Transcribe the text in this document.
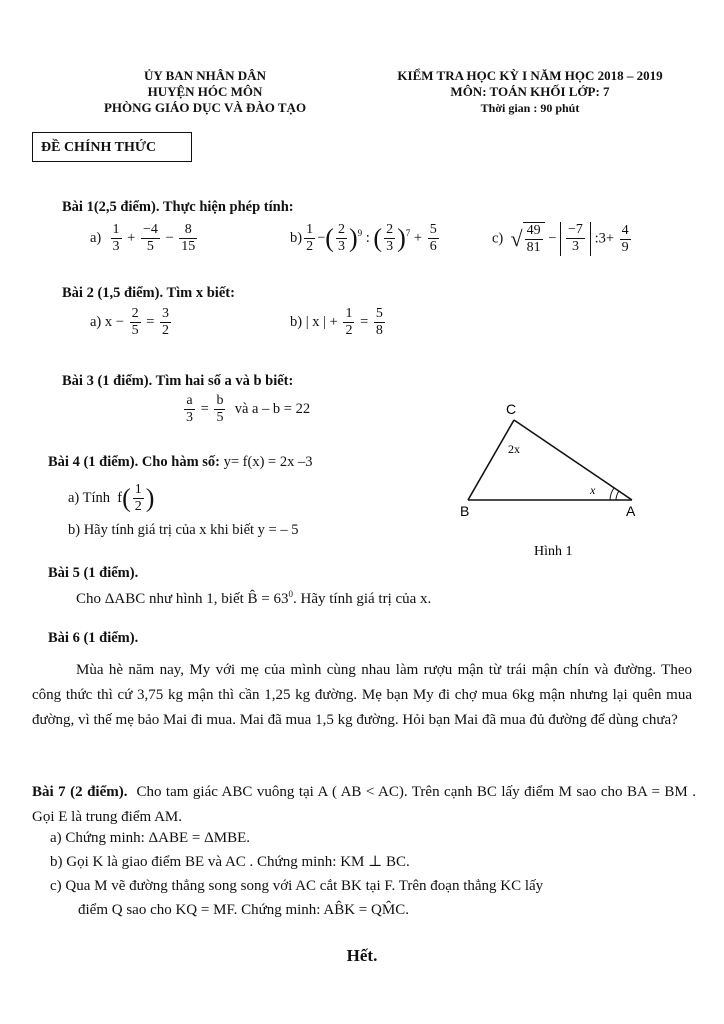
ỦY BAN NHÂN DÂN
HUYỆN HÓC MÔN
PHÒNG GIÁO DỤC VÀ ĐÀO TẠO
KIỂM TRA HỌC KỲ I NĂM HỌC 2018 – 2019
MÔN: TOÁN KHỐI LỚP: 7
Thời gian : 90 phút
ĐỀ CHÍNH THỨC
Bài 1(2,5 điểm). Thực hiện phép tính:
$a) \frac{1}{3} + \frac{-4}{5} - \frac{8}{15}$	$b) \frac{1}{2}$ −( $\frac{2}{3} )^9$ : ( $\frac{2}{3} )^7 + \frac{5}{6}$	c) √ $\frac{49}{81} - \frac{-7}{3}$ :3+ $\frac{4}{9}$
Bài 2 (1,5 điểm). Tìm x biết:
a) $x - \frac{2}{5} = \frac{3}{2}$	b) | x | + $\frac{1}{2} = \frac{5}{8}$
Bài 3 (1 điểm). Tìm hai số a và b biết:
$\frac{a}{3} = \frac{b}{5}$ và a – b = 22
Bài 4 (1 điểm). Cho hàm số: y= f(x) = 2x –3
a) Tính  $f( \frac{1}{2}$ )
b) Hãy tính giá trị của x khi biết y = – 5
C
B	A
2x
x
Hình 1
Bài 5 (1 điểm).
Cho ΔABC như hình 1, biết B̂ = $63^0$. Hãy tính giá trị của x.
Bài 6 (1 điểm).
Mùa hè năm nay, My với mẹ của mình cùng nhau làm rượu mận từ trái mận chín và đường. Theo công thức thì cứ 3,75 kg mận thì cần 1,25 kg đường. Mẹ bạn My đi chợ mua 6kg mận nhưng lại quên mua đường, vì thế mẹ bảo Mai đi mua. Mai đã mua 1,5 kg đường. Hỏi bạn Mai đã mua đủ đường để dùng chưa?
Bài 7 (2 điểm). Cho tam giác ABC vuông tại A ( AB < AC). Trên cạnh BC lấy điểm M sao cho BA = BM . Gọi E là trung điểm AM.
a) Chứng minh: ΔABE = ΔMBE.
b) Gọi K là giao điểm BE và AC . Chứng minh: KM ⊥ BC.
c) Qua M vẽ đường thẳng song song với AC cắt BK tại F. Trên đoạn thẳng KC lấy
điểm Q sao cho KQ = MF. Chứng minh: AB̂K = QM̂C.
Hết.
